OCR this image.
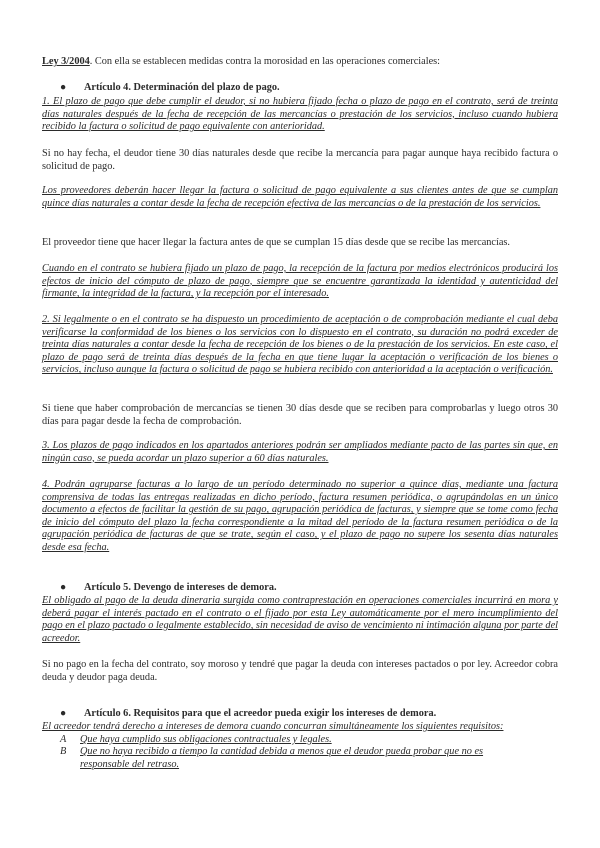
Ley 3/2004. Con ella se establecen medidas contra la morosidad en las operaciones comerciales:

● Artículo 4. Determinación del plazo de pago.

1. El plazo de pago que debe cumplir el deudor, si no hubiera fijado fecha o plazo de pago en el contrato, será de treinta días naturales después de la fecha de recepción de las mercancías o prestación de los servicios, incluso cuando hubiera recibido la factura o solicitud de pago equivalente con anterioridad.

Si no hay fecha, el deudor tiene 30 días naturales desde que recibe la mercancía para pagar aunque haya recibido factura o solicitud de pago.

Los proveedores deberán hacer llegar la factura o solicitud de pago equivalente a sus clientes antes de que se cumplan quince días naturales a contar desde la fecha de recepción efectiva de las mercancías o de la prestación de los servicios.

El proveedor tiene que hacer llegar la factura antes de que se cumplan 15 días desde que se recibe las mercancías.

Cuando en el contrato se hubiera fijado un plazo de pago, la recepción de la factura por medios electrónicos producirá los efectos de inicio del cómputo de plazo de pago, siempre que se encuentre garantizada la identidad y autenticidad del firmante, la integridad de la factura, y la recepción por el interesado.

2. Si legalmente o en el contrato se ha dispuesto un procedimiento de aceptación o de comprobación mediante el cual deba verificarse la conformidad de los bienes o los servicios con lo dispuesto en el contrato, su duración no podrá exceder de treinta días naturales a contar desde la fecha de recepción de los bienes o de la prestación de los servicios. En este caso, el plazo de pago será de treinta días después de la fecha en que tiene lugar la aceptación o verificación de los bienes o servicios, incluso aunque la factura o solicitud de pago se hubiera recibido con anterioridad a la aceptación o verificación.

Si tiene que haber comprobación de mercancías se tienen 30 días desde que se reciben para comprobarlas y luego otros 30 días para pagar desde la fecha de comprobación.

3. Los plazos de pago indicados en los apartados anteriores podrán ser ampliados mediante pacto de las partes sin que, en ningún caso, se pueda acordar un plazo superior a 60 días naturales.

4. Podrán agruparse facturas a lo largo de un período determinado no superior a quince días, mediante una factura comprensiva de todas las entregas realizadas en dicho período, factura resumen periódica, o agrupándolas en un único documento a efectos de facilitar la gestión de su pago, agrupación periódica de facturas, y siempre que se tome como fecha de inicio del cómputo del plazo la fecha correspondiente a la mitad del período de la factura resumen periódica o de la agrupación periódica de facturas de que se trate, según el caso, y el plazo de pago no supere los sesenta días naturales desde esa fecha.

● Artículo 5. Devengo de intereses de demora.

El obligado al pago de la deuda dineraria surgida como contraprestación en operaciones comerciales incurrirá en mora y deberá pagar el interés pactado en el contrato o el fijado por esta Ley automáticamente por el mero incumplimiento del pago en el plazo pactado o legalmente establecido, sin necesidad de aviso de vencimiento ni intimación alguna por parte del acreedor.

Si no pago en la fecha del contrato, soy moroso y tendré que pagar la deuda con intereses pactados o por ley. Acreedor cobra deuda y deudor paga deuda.

● Artículo 6. Requisitos para que el acreedor pueda exigir los intereses de demora.

El acreedor tendrá derecho a intereses de demora cuando concurran simultáneamente los siguientes requisitos:

A Que haya cumplido sus obligaciones contractuales y legales.
B Que no haya recibido a tiempo la cantidad debida a menos que el deudor pueda probar que no es
responsable del retraso.
